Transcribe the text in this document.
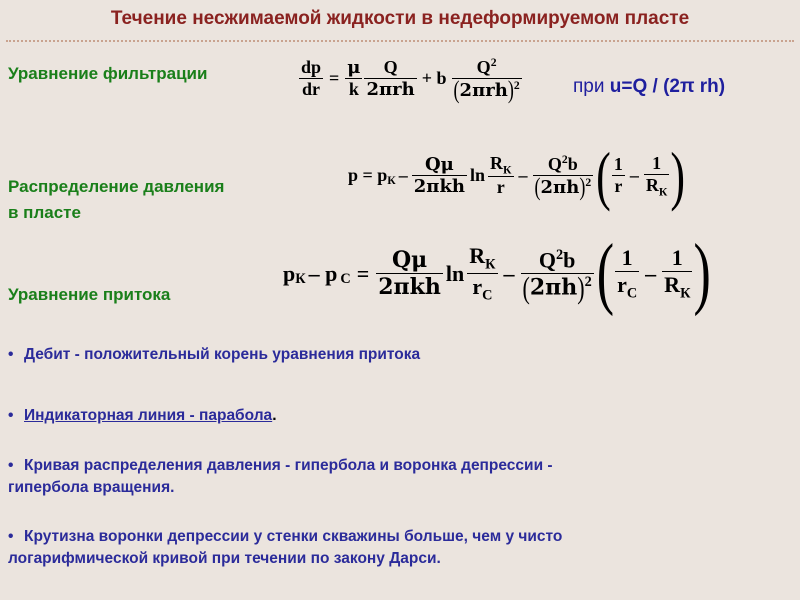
Течение несжимаемой жидкости в недеформируемом пласте
Уравнение фильтрации
Распределение давления
в пласте
Уравнение притока
$\frac{dp}{dr} = \frac{\mu}{k} \frac{Q}{\text{2πrh}} + b \frac{Q^2}{(2\pi rh)^2}$	при u=Q / (2π rh)
$p = p_К - \frac{Q\mu}{\text{2πkh}}$ $\ln \frac{R_К}{r} - \frac{Q^2b}{(2\pi h)^2}$ ( $\frac{1}{r} - \frac{1}{R_К}$ )
$p_К - p_С = \frac{Q\mu}{\text{2πkh}}$ $\ln \frac{R_К}{r_С} - \frac{Q^2b}{(2\pi h)^2}$ ( $\frac{1}{r_С} - \frac{1}{R_К}$ )
• Дебит - положительный корень уравнения притока
• Индикаторная линия - парабола.
• Кривая распределения давления - гипербола и воронка депрессии -
гипербола вращения.
• Крутизна воронки депрессии у стенки скважины больше, чем у чисто
логарифмической кривой при течении по закону Дарси.
